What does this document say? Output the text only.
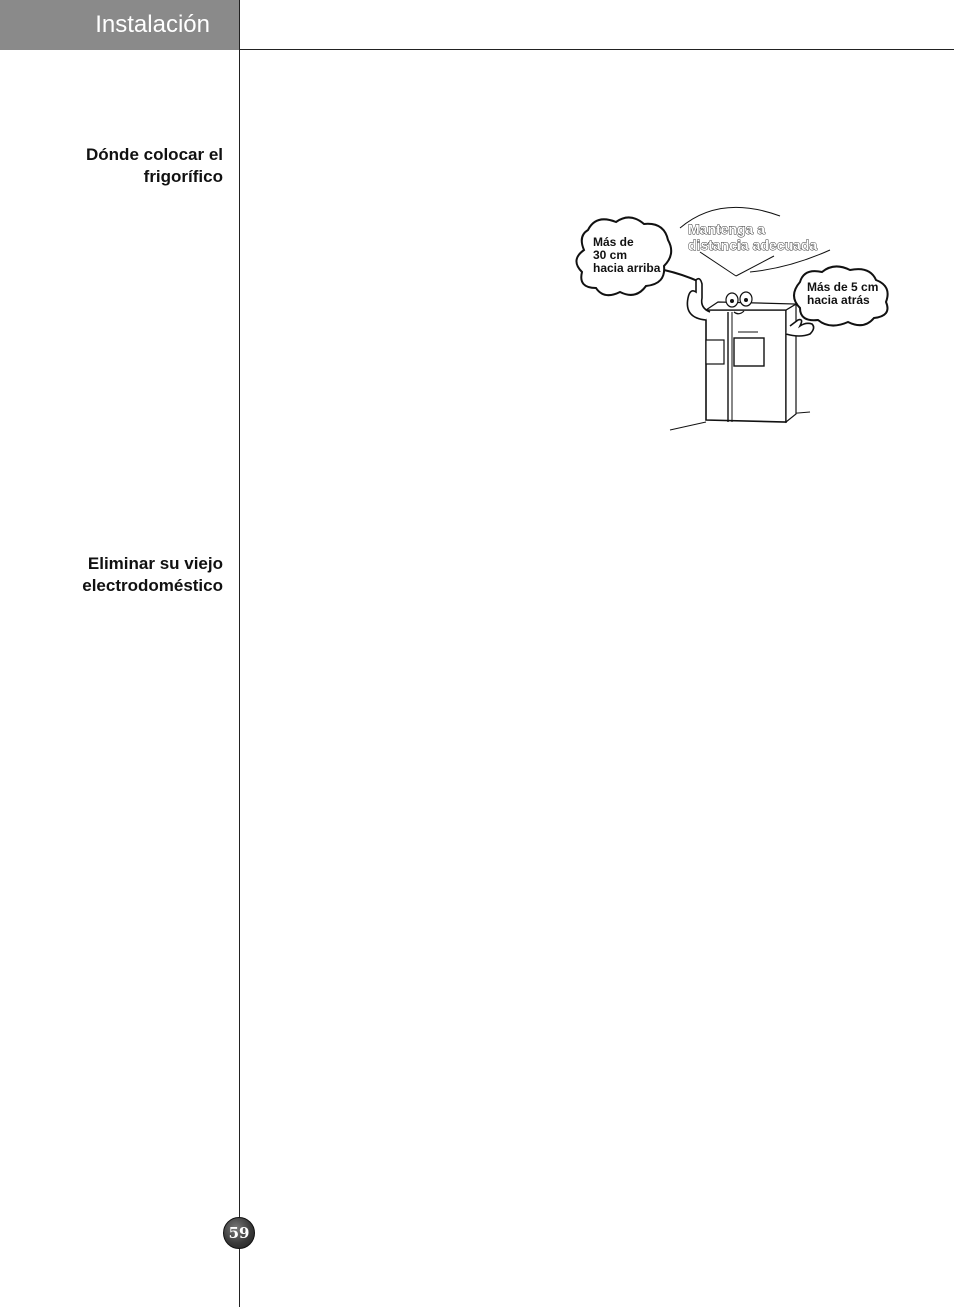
Instalación
Dónde colocar el
frigorífico
Eliminar su viejo
electrodoméstico
Más de
30 cm
hacia arriba
Más de 5 cm
hacia atrás
Mantenga a
distancia adecuada
59
